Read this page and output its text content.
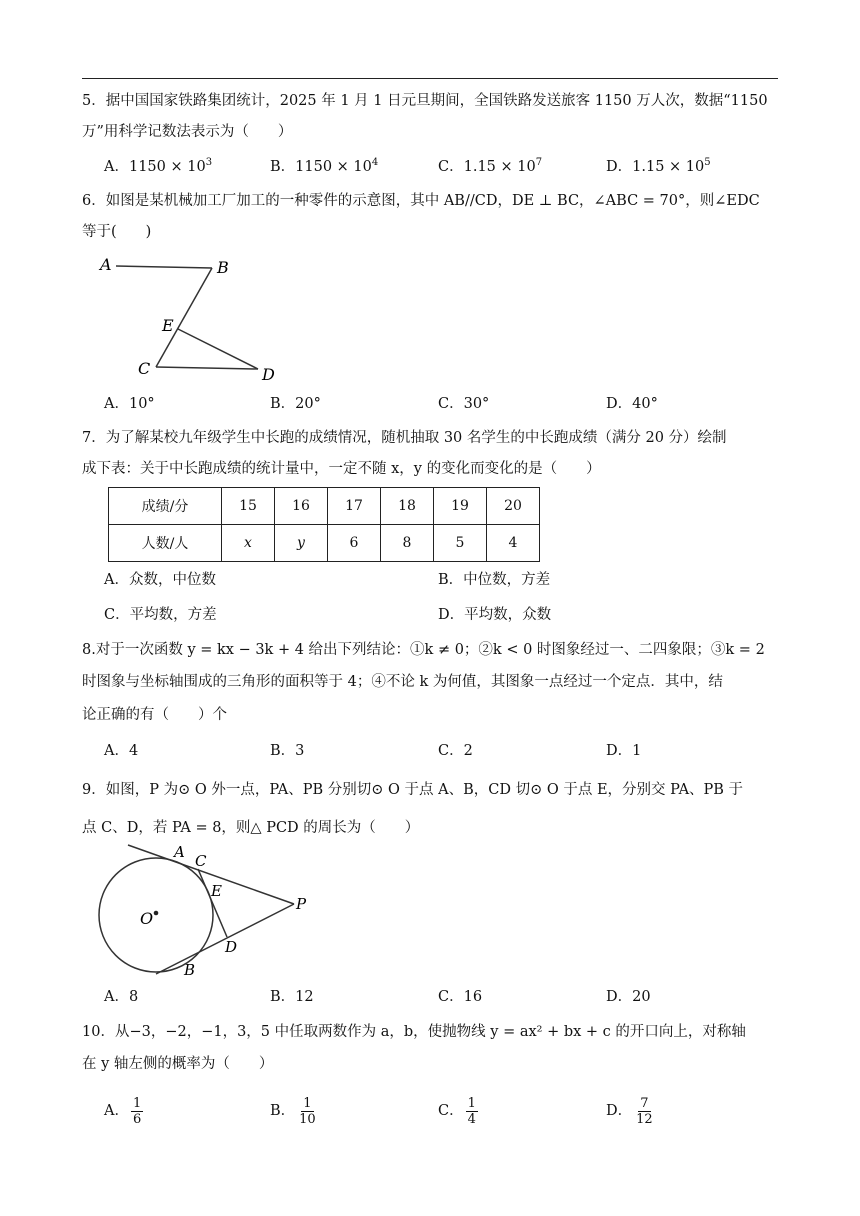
5．据中国国家铁路集团统计，2025 年 1 月 1 日元旦期间，全国铁路发送旅客 1150 万人次，数据“1150
万”用科学记数法表示为（　　）
A．$1150 \times 10^3$	B．$1150 \times 10^4$	C．$1.15 \times 10^7$	D．$1.15 \times 10^5$
6．如图是某机械加工厂加工的一种零件的示意图，其中 AB//CD，DE ⊥ BC，∠ABC = 70°，则∠EDC
等于(　　)
A	B
E
C	D
A．10°	B．20°	C．30°	D．40°
7．为了解某校九年级学生中长跑的成绩情况，随机抽取 30 名学生的中长跑成绩（满分 20 分）绘制
成下表：关于中长跑成绩的统计量中，一定不随 x，y 的变化而变化的是（　　）
成绩/分	15	16	17	18	19	20
人数/人	x	y	6	8	5	4
A．众数，中位数	B．中位数，方差
C．平均数，方差	D．平均数，众数
8.对于一次函数 y = kx − 3k + 4 给出下列结论：①k ≠ 0；②k < 0 时图象经过一、二四象限；③k = 2
时图象与坐标轴围成的三角形的面积等于 4；④不论 k 为何值，其图象一点经过一个定点．其中，结
论正确的有（　　）个
A．4	B．3	C．2	D．1
9．如图，P 为⊙ O 外一点，PA、PB 分别切⊙ O 于点 A、B，CD 切⊙ O 于点 E，分别交 PA、PB 于
点 C、D，若 PA = 8，则△ PCD 的周长为（　　）
A C
E
O
P
D
B
A．8	B．12	C．16	D．20
10．从−3，−2，−1，3，5 中任取两数作为 a，b，使抛物线 y = ax² + bx + c 的开口向上，对称轴
在 y 轴左侧的概率为（　　）
A． $\frac{1}{6}$	B． $\frac{1}{10}$	C． $\frac{1}{4}$	D． $\frac{7}{12}$
